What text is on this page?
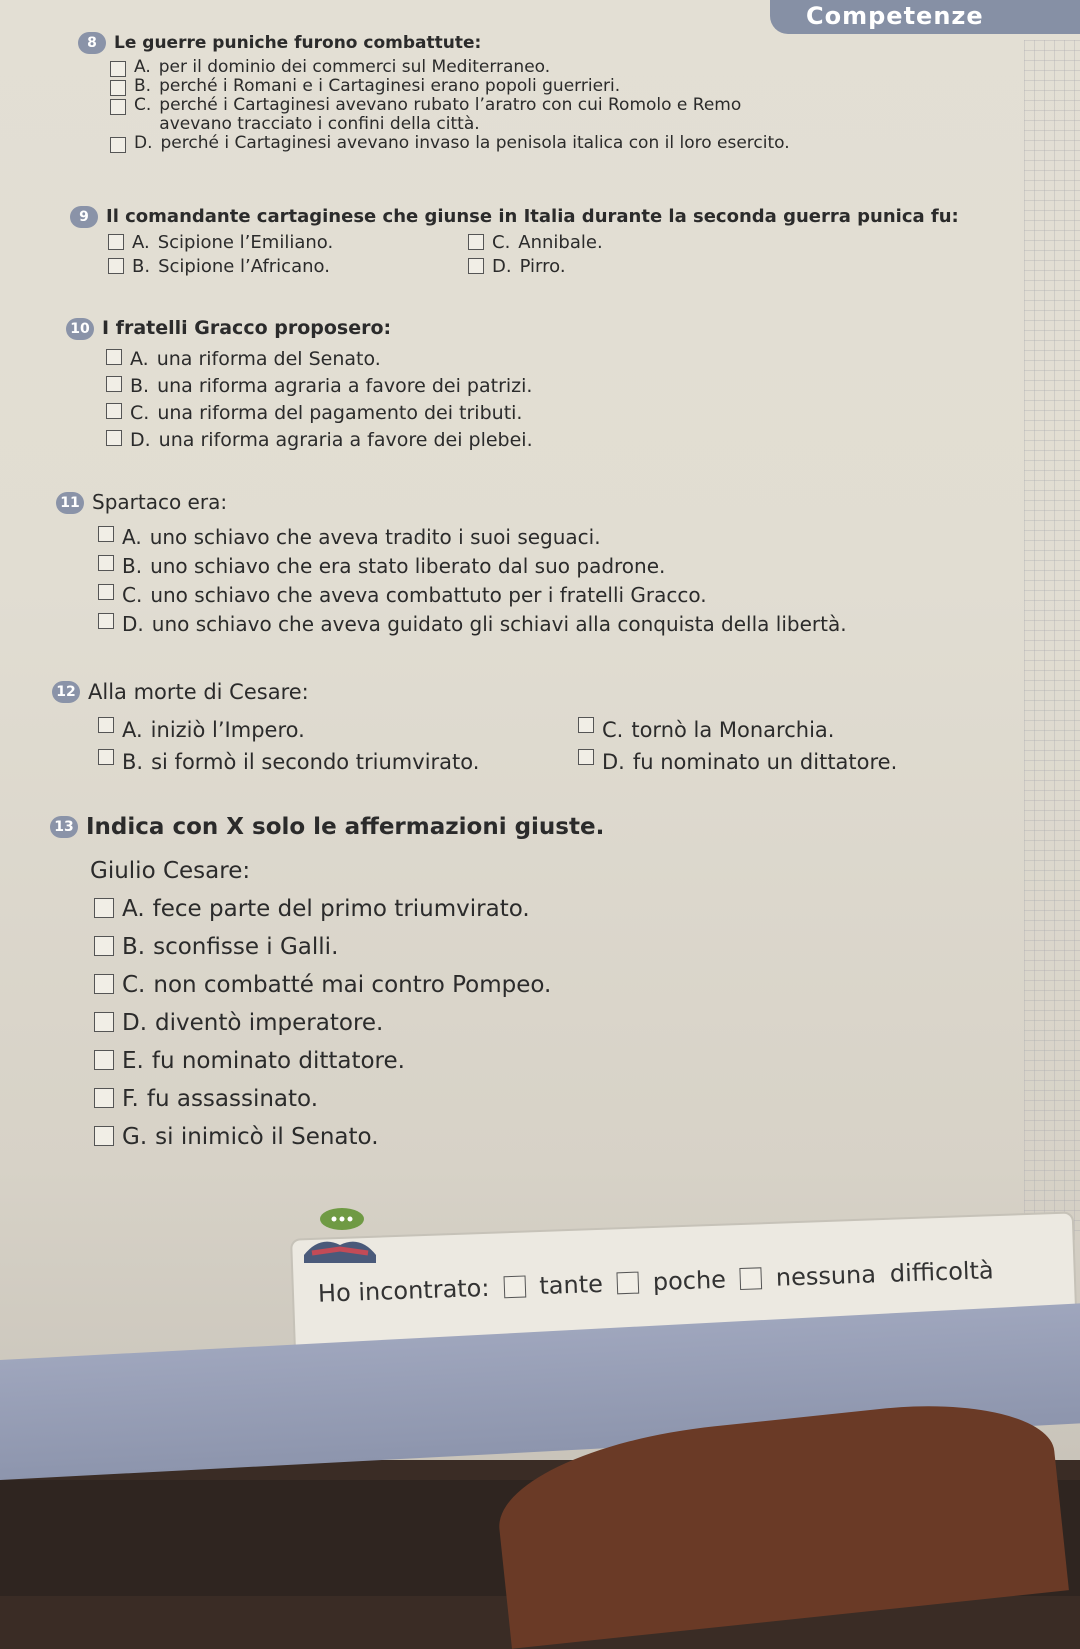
Competenze
8	Le guerre puniche furono combattute:
A. per il dominio dei commerci sul Mediterraneo.
B. perché i Romani e i Cartaginesi erano popoli guerrieri.
C. perché i Cartaginesi avevano rubato l’aratro con cui Romolo e Remo avevano tracciato i confini della città.
D. perché i Cartaginesi avevano invaso la penisola italica con il loro esercito.
9 Il comandante cartaginese che giunse in Italia durante la seconda guerra punica fu:
A. Scipione l’Emiliano.	C. Annibale.
B. Scipione l’Africano.	D. Pirro.
10 I fratelli Gracco proposero:
A. una riforma del Senato.
B. una riforma agraria a favore dei patrizi.
C. una riforma del pagamento dei tributi.
D. una riforma agraria a favore dei plebei.
11 Spartaco era:
A. uno schiavo che aveva tradito i suoi seguaci.
B. uno schiavo che era stato liberato dal suo padrone.
C. uno schiavo che aveva combattuto per i fratelli Gracco.
D. uno schiavo che aveva guidato gli schiavi alla conquista della libertà.
12 Alla morte di Cesare:
A. iniziò l’Impero.	C. tornò la Monarchia.
B. si formò il secondo triumvirato.	D. fu nominato un dittatore.
13 Indica con X solo le affermazioni giuste.
Giulio Cesare:
A. fece parte del primo triumvirato.
B. sconfisse i Galli.
C. non combatté mai contro Pompeo.
D. diventò imperatore.
E. fu nominato dittatore.
F. fu assassinato.
G. si inimicò il Senato.
Ho incontrato: tante poche nessuna difficoltà
